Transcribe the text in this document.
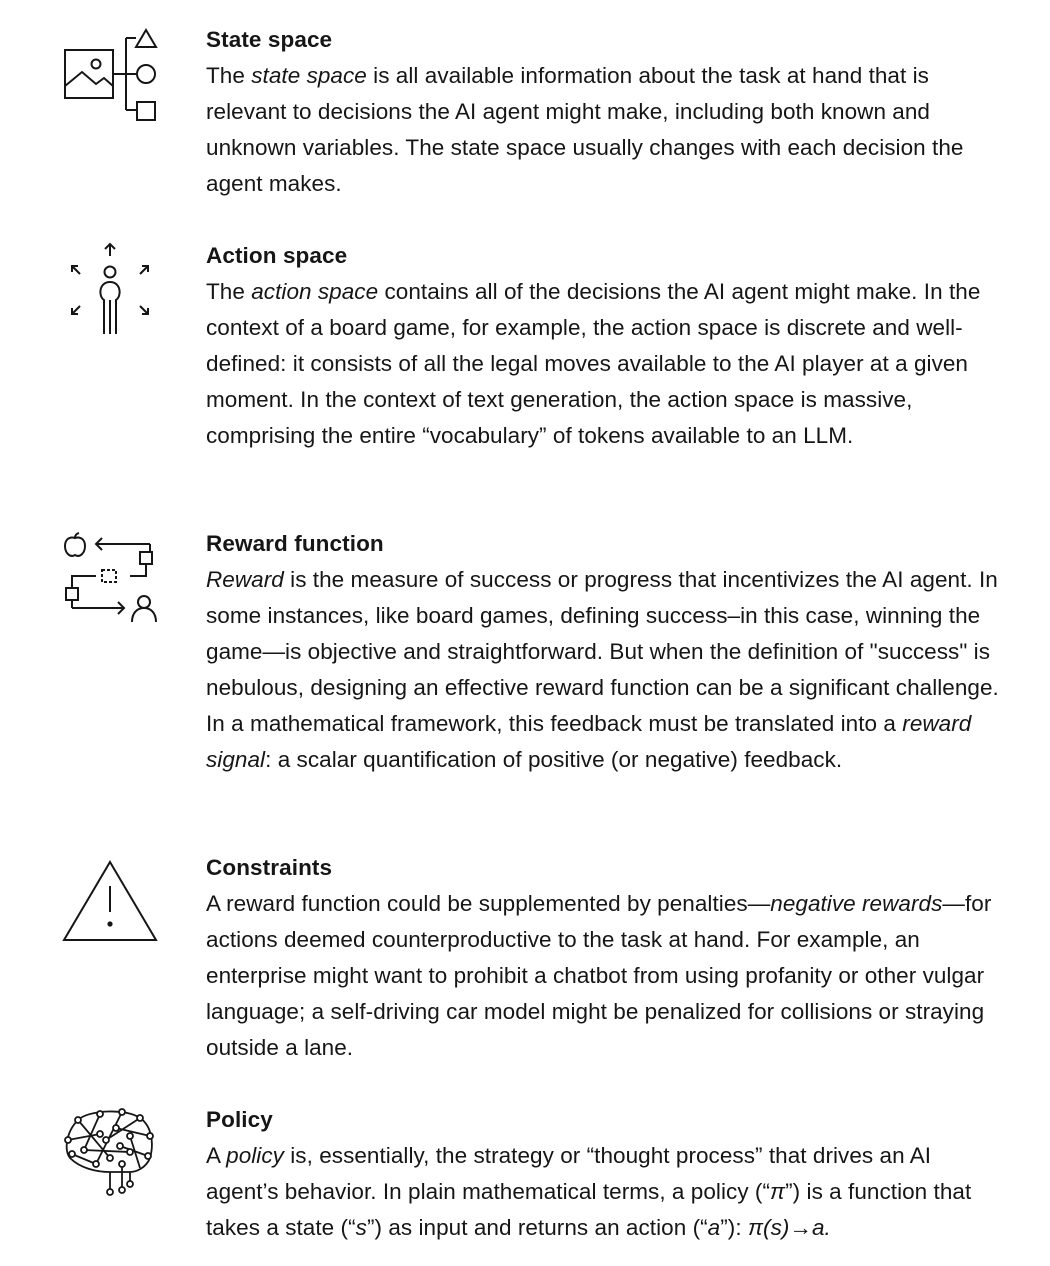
State space

The state space is all available information about the task at hand that is relevant to decisions the AI agent might make, including both known and unknown variables. The state space usually changes with each decision the agent makes.

Action space

The action space contains all of the decisions the AI agent might make. In the context of a board game, for example, the action space is discrete and well-defined: it consists of all the legal moves available to the AI player at a given moment. In the context of text generation, the action space is massive, comprising the entire “vocabulary” of tokens available to an LLM.

Reward function

Reward is the measure of success or progress that incentivizes the AI agent. In some instances, like board games, defining success–in this case, winning the game—is objective and straightforward. But when the definition of "success" is nebulous, designing an effective reward function can be a significant challenge. In a mathematical framework, this feedback must be translated into a reward signal: a scalar quantification of positive (or negative) feedback.

Constraints

A reward function could be supplemented by penalties—negative rewards—for actions deemed counterproductive to the task at hand. For example, an enterprise might want to prohibit a chatbot from using profanity or other vulgar language; a self-driving car model might be penalized for collisions or straying outside a lane.

Policy

A policy is, essentially, the strategy or “thought process” that drives an AI agent’s behavior. In plain mathematical terms, a policy (“π”) is a function that takes a state (“s”) as input and returns an action (“a”): π(s)→a.
